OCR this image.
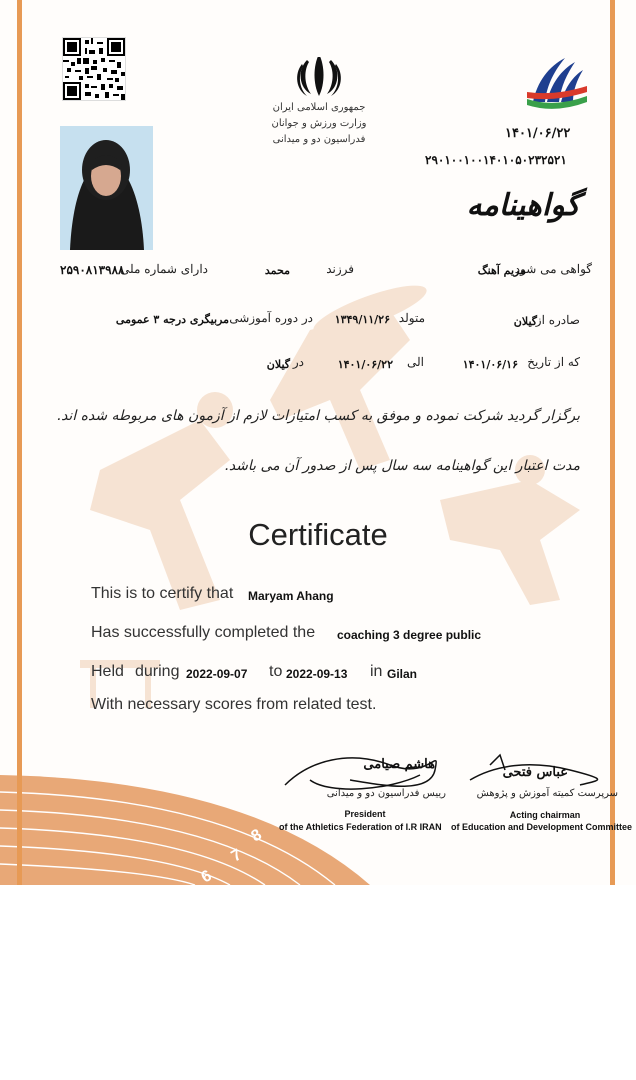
8
7
6
جمهوری اسلامی ایران
وزارت ورزش و جوانان
فدراسیون دو و میدانی	۱۴۰۱/۰۶/۲۲
۲۹۰۱۰۰۱۰۰۱۴۰۱۰۵۰۲۳۲۵۲۱
گواهینامه
گواهی می شود
مریم آهنگ
فرزند
محمد
دارای شماره ملی
۲۵۹۰۸۱۳۹۸۸
صادره از
گیلان
متولد
۱۳۴۹/۱۱/۲۶
در دوره آموزشی
مربیگری درجه ۳ عمومی
که از تاریخ
۱۴۰۱/۰۶/۱۶
الی
۱۴۰۱/۰۶/۲۲
در
گیلان
برگزار گردید شرکت نموده و موفق به کسب امتیازات لازم از آزمون های مربوطه شده اند.
مدت اعتبار این گواهینامه سه سال پس از صدور آن می باشد.
Certificate
This is to certify that Maryam Ahang
Has successfully completed the coaching 3 degree public
Held during 2022-09-07 to 2022-09-13 in Gilan
With necessary scores from related test.
هاشم صیامی
رییس فدراسیون دو و میدانی
President
of the Athletics Federation of I.R IRAN
عباس فتحی
سرپرست کمیته آموزش و پژوهش
Acting chairman
of Education and Development Committee
